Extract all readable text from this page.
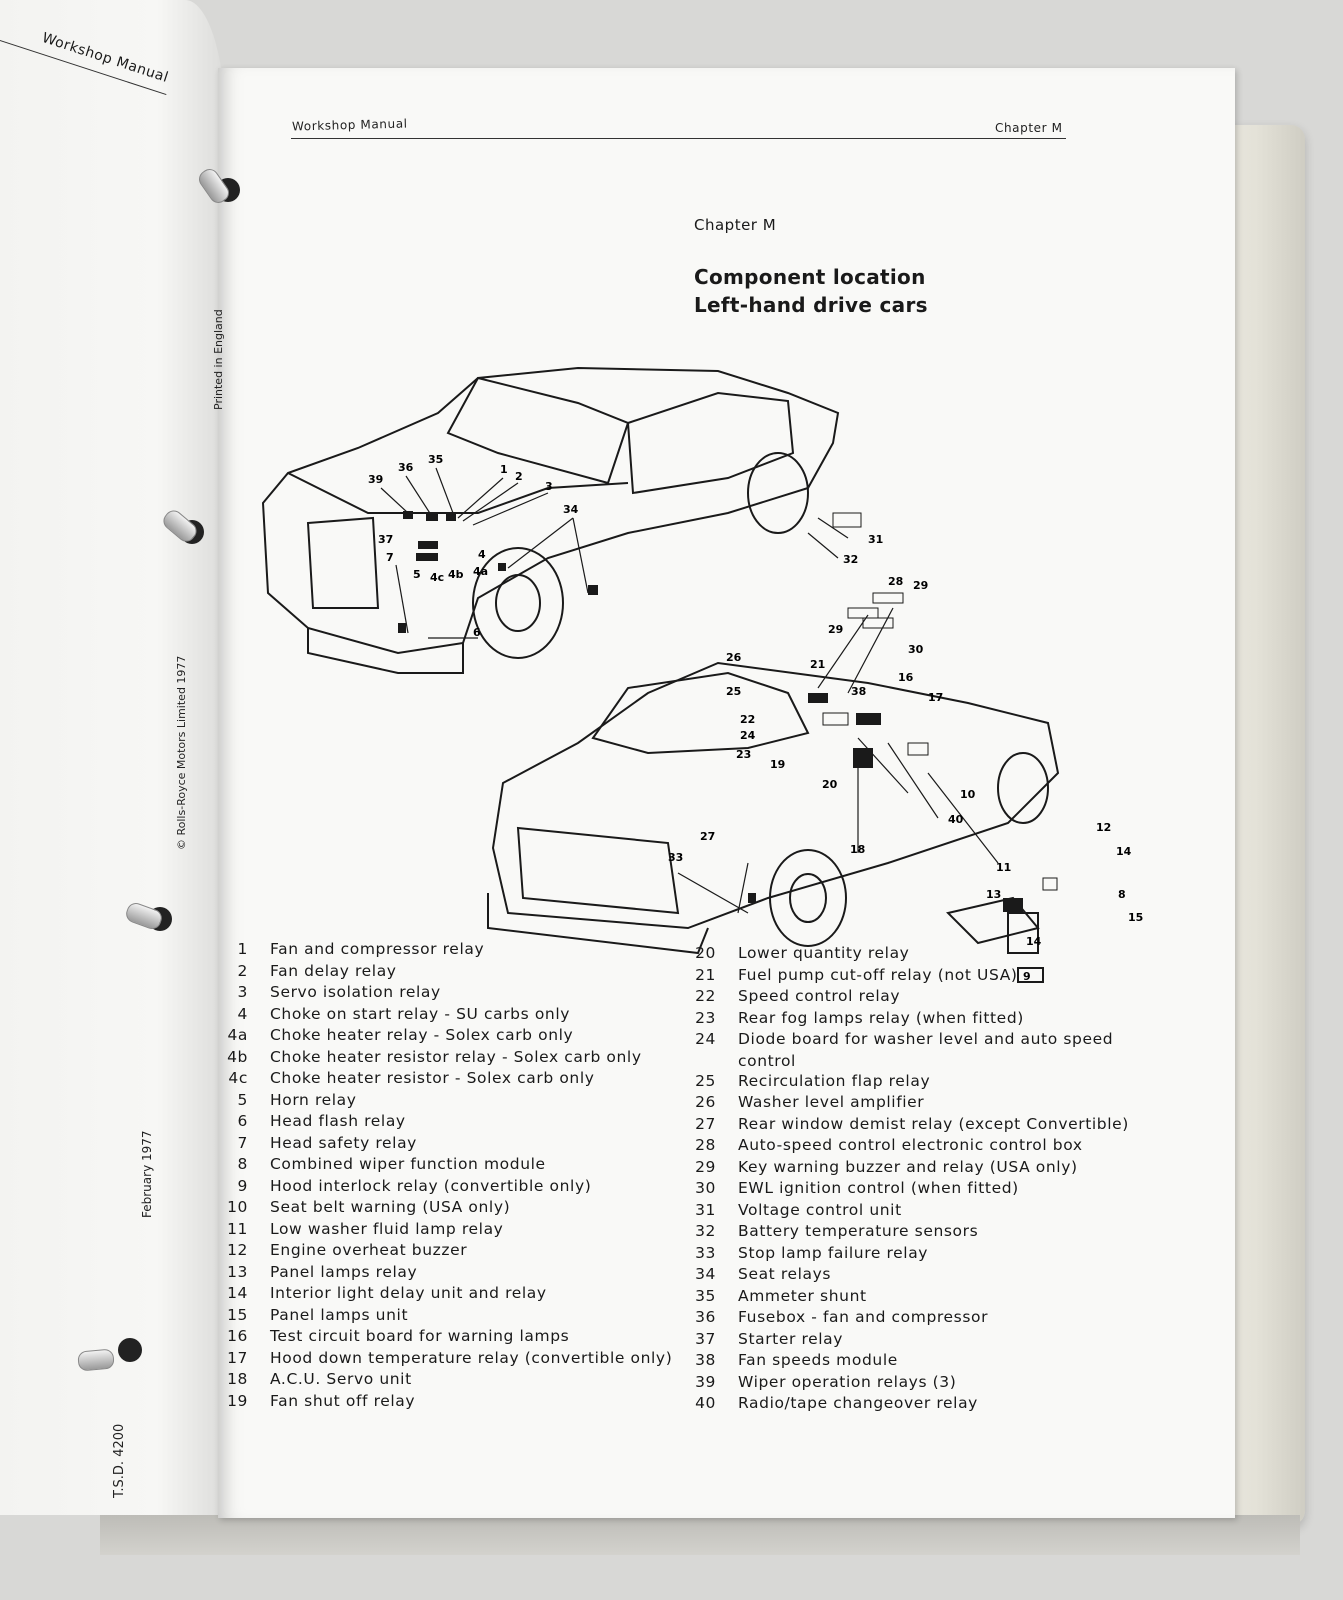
Workshop Manual
Workshop Manual	Chapter M
Chapter M
Component location
Left-hand drive cars
39
36
35
1
2
3
34
37
4
4a
4b
4c
5
7
6
31
32
28 29
29
30
26
21
16
38
25	17
22
24
23
19
20
10
40
27
33
18
12
14
11
13	8
15
14
9
1 Fan and compressor relay
2 Fan delay relay
3 Servo isolation relay
4 Choke on start relay - SU carbs only
4a Choke heater relay - Solex carb only
4b Choke heater resistor relay - Solex carb only
4c Choke heater resistor - Solex carb only
5 Horn relay
6 Head flash relay
7 Head safety relay
8 Combined wiper function module
9 Hood interlock relay (convertible only)
10 Seat belt warning (USA only)
11 Low washer fluid lamp relay
12 Engine overheat buzzer
13 Panel lamps relay
14 Interior light delay unit and relay
15 Panel lamps unit
16 Test circuit board for warning lamps
17 Hood down temperature relay (convertible only)
18 A.C.U. Servo unit
19 Fan shut off relay
20 Lower quantity relay
21 Fuel pump cut-off relay (not USA)
22 Speed control relay
23 Rear fog lamps relay (when fitted)
24 Diode board for washer level and auto speed
control
25 Recirculation flap relay
26 Washer level amplifier
27 Rear window demist relay (except Convertible)
28 Auto-speed control electronic control box
29 Key warning buzzer and relay (USA only)
30 EWL ignition control (when fitted)
31 Voltage control unit
32 Battery temperature sensors
33 Stop lamp failure relay
34 Seat relays
35 Ammeter shunt
36 Fusebox - fan and compressor
37 Starter relay
38 Fan speeds module
39 Wiper operation relays (3)
40 Radio/tape changeover relay
Printed in England
© Rolls-Royce Motors Limited 1977
February 1977
T.S.D. 4200
